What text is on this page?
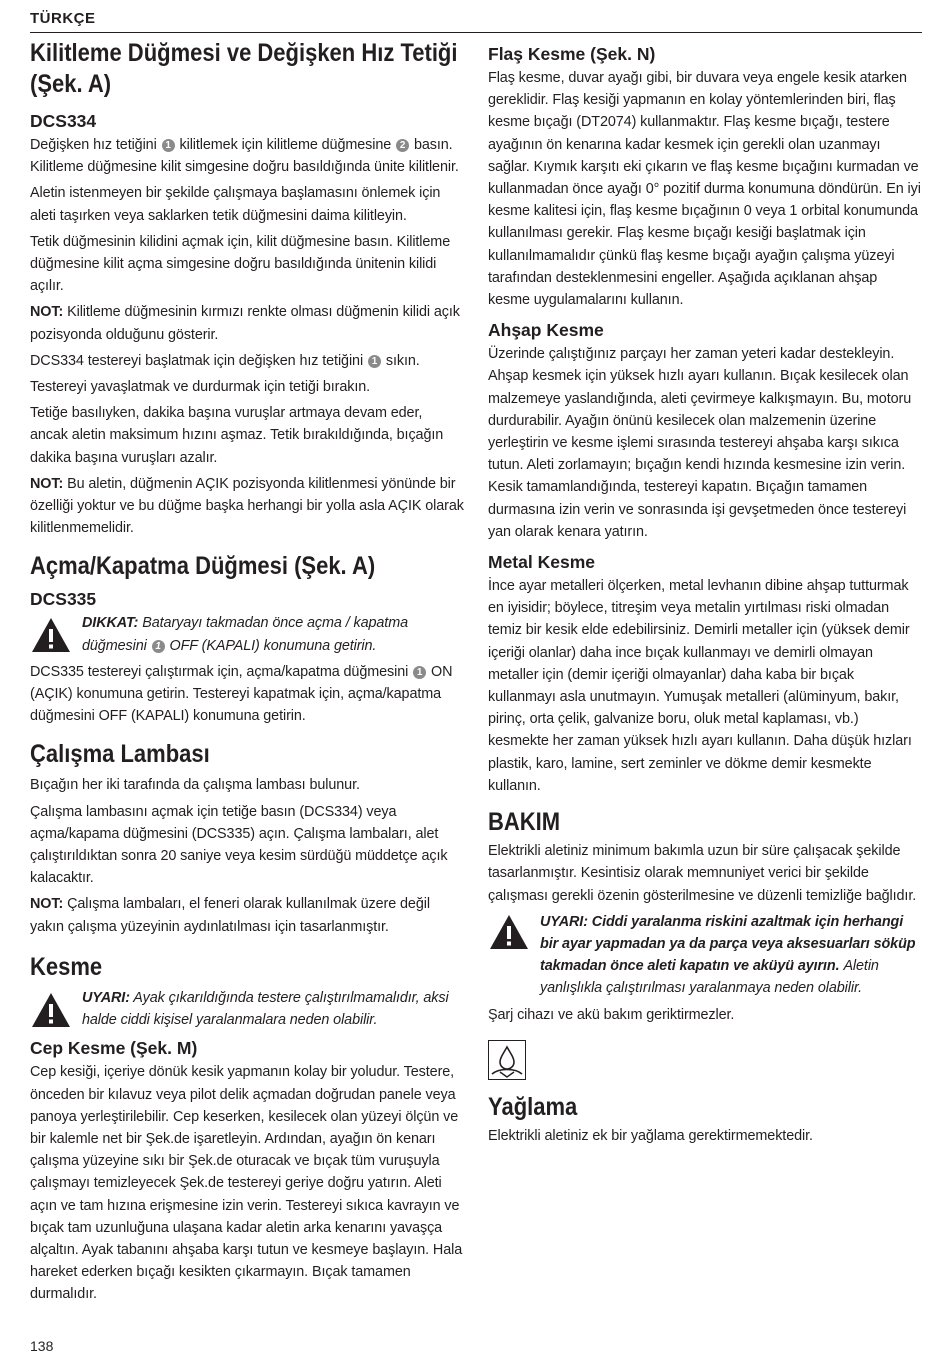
TÜRKÇE
Kilitleme Düğmesi ve Değişken Hız Tetiği
(Şek. A)
DCS334

Değişken hız tetiğini 1 kilitlemek için kilitleme düğmesine 2 basın. Kilitleme düğmesine kilit simgesine doğru basıldığında ünite kilitlenir.

Aletin istenmeyen bir şekilde çalışmaya başlamasını önlemek için aleti taşırken veya saklarken tetik düğmesini daima kilitleyin.

Tetik düğmesinin kilidini açmak için, kilit düğmesine basın. Kilitleme düğmesine kilit açma simgesine doğru basıldığında ünitenin kilidi açılır.

NOT: Kilitleme düğmesinin kırmızı renkte olması düğmenin kilidi açık pozisyonda olduğunu gösterir.

DCS334 testereyi başlatmak için değişken hız tetiğini 1 sıkın.

Testereyi yavaşlatmak ve durdurmak için tetiği bırakın.

Tetiğe basılıyken, dakika başına vuruşlar artmaya devam eder, ancak aletin maksimum hızını aşmaz. Tetik bırakıldığında, bıçağın dakika başına vuruşları azalır.

NOT: Bu aletin, düğmenin AÇIK pozisyonda kilitlenmesi yönünde bir özelliği yoktur ve bu düğme başka herhangi bir yolla asla AÇIK olarak kilitlenmemelidir.

Açma/Kapatma Düğmesi (Şek. A)
DCS335

DIKKAT: Bataryayı takmadan önce açma / kapatma düğmesini 1 OFF (KAPALI) konumuna getirin.

DCS335 testereyi çalıştırmak için, açma/kapatma düğmesini 1 ON (AÇIK) konumuna getirin. Testereyi kapatmak için, açma/kapatma düğmesini OFF (KAPALI) konumuna getirin.

Çalışma Lambası

Bıçağın her iki tarafında da çalışma lambası bulunur.

Çalışma lambasını açmak için tetiğe basın (DCS334) veya açma/kapama düğmesini (DCS335) açın. Çalışma lambaları, alet çalıştırıldıktan sonra 20 saniye veya kesim sürdüğü müddetçe açık kalacaktır.

NOT: Çalışma lambaları, el feneri olarak kullanılmak üzere değil yakın çalışma yüzeyinin aydınlatılması için tasarlanmıştır.

Kesme

UYARI: Ayak çıkarıldığında testere çalıştırılmamalıdır, aksi halde ciddi kişisel yaralanmalara neden olabilir.

Cep Kesme (Şek. M)

Cep kesiği, içeriye dönük kesik yapmanın kolay bir yoludur. Testere, önceden bir kılavuz veya pilot delik açmadan doğrudan panele veya panoya yerleştirilebilir. Cep keserken, kesilecek olan yüzeyi ölçün ve bir kalemle net bir Şek.de işaretleyin. Ardından, ayağın ön kenarı çalışma yüzeyine sıkı bir Şek.de oturacak ve bıçak tüm vuruşuyla çalışmayı temizleyecek Şek.de testereyi geriye doğru yatırın. Aleti açın ve tam hızına erişmesine izin verin. Testereyi sıkıca kavrayın ve bıçak tam uzunluğuna ulaşana kadar aletin arka kenarını yavaşça alçaltın. Ayak tabanını ahşaba karşı tutun ve kesmeye başlayın. Hala hareket ederken bıçağı kesikten çıkarmayın. Bıçak tamamen durmalıdır.

Flaş Kesme (Şek. N)

Flaş kesme, duvar ayağı gibi, bir duvara veya engele kesik atarken gereklidir. Flaş kesiği yapmanın en kolay yöntemlerinden biri, flaş kesme bıçağı (DT2074) kullanmaktır. Flaş kesme bıçağı, testere ayağının ön kenarına kadar kesmek için gerekli olan uzanmayı sağlar. Kıymık karşıtı eki çıkarın ve flaş kesme bıçağını kurmadan ve kullanmadan önce ayağı 0° pozitif durma konumuna döndürün. En iyi kesme kalitesi için, flaş kesme bıçağının 0 veya 1 orbital konumunda kullanılması gerekir. Flaş kesme bıçağı kesiği başlatmak için kullanılmamalıdır çünkü flaş kesme bıçağı ayağın çalışma yüzeyi tarafından desteklenmesini engeller. Aşağıda açıklanan ahşap kesme uygulamalarını kullanın.

Ahşap Kesme

Üzerinde çalıştığınız parçayı her zaman yeteri kadar destekleyin. Ahşap kesmek için yüksek hızlı ayarı kullanın. Bıçak kesilecek olan malzemeye yaslandığında, aleti çevirmeye kalkışmayın. Bu, motoru durdurabilir. Ayağın önünü kesilecek olan malzemenin üzerine yerleştirin ve kesme işlemi sırasında testereyi ahşaba karşı sıkıca tutun. Aleti zorlamayın; bıçağın kendi hızında kesmesine izin verin. Kesik tamamlandığında, testereyi kapatın. Bıçağın tamamen durmasına izin verin ve sonrasında işi gevşetmeden önce testereyi yan olarak kenara yatırın.

Metal Kesme

İnce ayar metalleri ölçerken, metal levhanın dibine ahşap tutturmak en iyisidir; böylece, titreşim veya metalin yırtılması riski olmadan temiz bir kesik elde edebilirsiniz. Demirli metaller için (yüksek demir içeriği olanlar) daha ince bıçak kullanmayı ve demirli olmayan metaller için (demir içeriği olmayanlar) daha kaba bir bıçak kullanmayı asla unutmayın. Yumuşak metalleri (alüminyum, bakır, pirinç, orta çelik, galvanize boru, oluk metal kaplaması, vb.) kesmekte her zaman yüksek hızlı ayarı kullanın. Daha düşük hızları plastik, karo, lamine, sert zeminler ve dökme demir kesmekte kullanın.

BAKIM

Elektrikli aletiniz minimum bakımla uzun bir süre çalışacak şekilde tasarlanmıştır. Kesintisiz olarak memnuniyet verici bir şekilde çalışması gerekli özenin gösterilmesine ve düzenli temizliğe bağlıdır.

UYARI: Ciddi yaralanma riskini azaltmak için herhangi bir ayar yapmadan ya da parça veya aksesuarları söküp takmadan önce aleti kapatın ve aküyü ayırın. Aletin yanlışlıkla çalıştırılması yaralanmaya neden olabilir.

Şarj cihazı ve akü bakım geriktirmezler.

Yağlama

Elektrikli aletiniz ek bir yağlama gerektirmemektedir.

138
